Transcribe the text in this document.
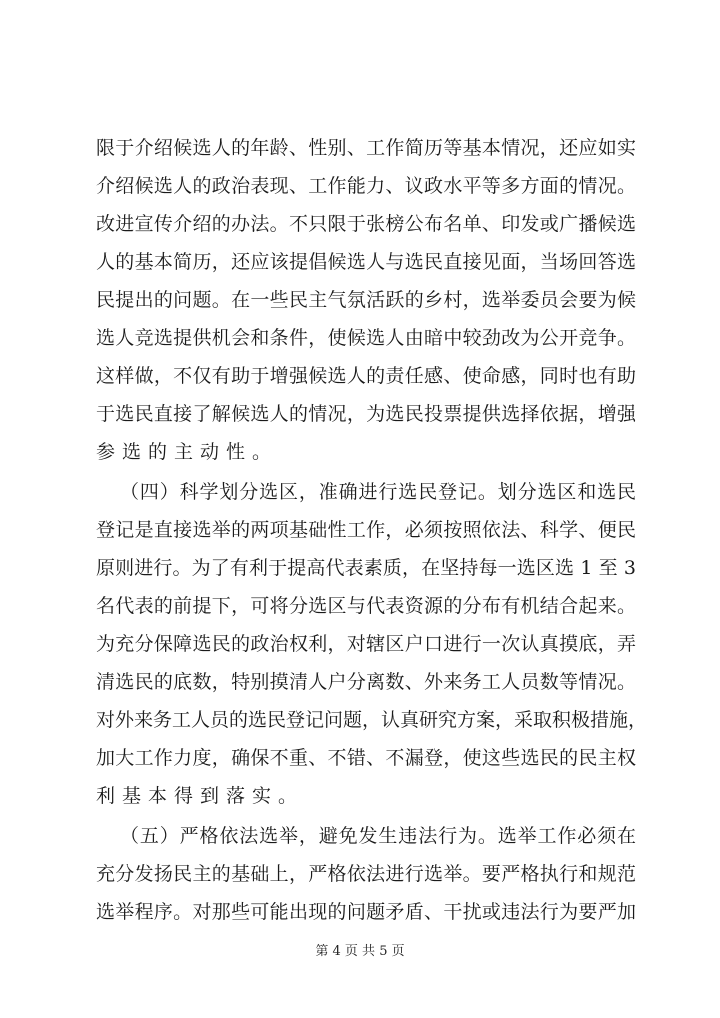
限于介绍候选人的年龄、性别、工作简历等基本情况，还应如实
介绍候选人的政治表现、工作能力、议政水平等多方面的情况。
改进宣传介绍的办法。不只限于张榜公布名单、印发或广播候选
人的基本简历，还应该提倡候选人与选民直接见面，当场回答选
民提出的问题。在一些民主气氛活跃的乡村，选举委员会要为候
选人竞选提供机会和条件，使候选人由暗中较劲改为公开竞争。
这样做，不仅有助于增强候选人的责任感、使命感，同时也有助
于选民直接了解候选人的情况，为选民投票提供选择依据，增强
参选的主动性。
（四）科学划分选区，准确进行选民登记。划分选区和选民
登记是直接选举的两项基础性工作，必须按照依法、科学、便民
原则进行。为了有利于提高代表素质，在坚持每一选区选 1 至 3
名代表的前提下，可将分选区与代表资源的分布有机结合起来。
为充分保障选民的政治权利，对辖区户口进行一次认真摸底，弄
清选民的底数，特别摸清人户分离数、外来务工人员数等情况。
对外来务工人员的选民登记问题，认真研究方案，采取积极措施，
加大工作力度，确保不重、不错、不漏登，使这些选民的民主权
利基本得到落实。
（五）严格依法选举，避免发生违法行为。选举工作必须在
充分发扬民主的基础上，严格依法进行选举。要严格执行和规范
选举程序。对那些可能出现的问题矛盾、干扰或违法行为要严加
第 4 页 共 5 页
